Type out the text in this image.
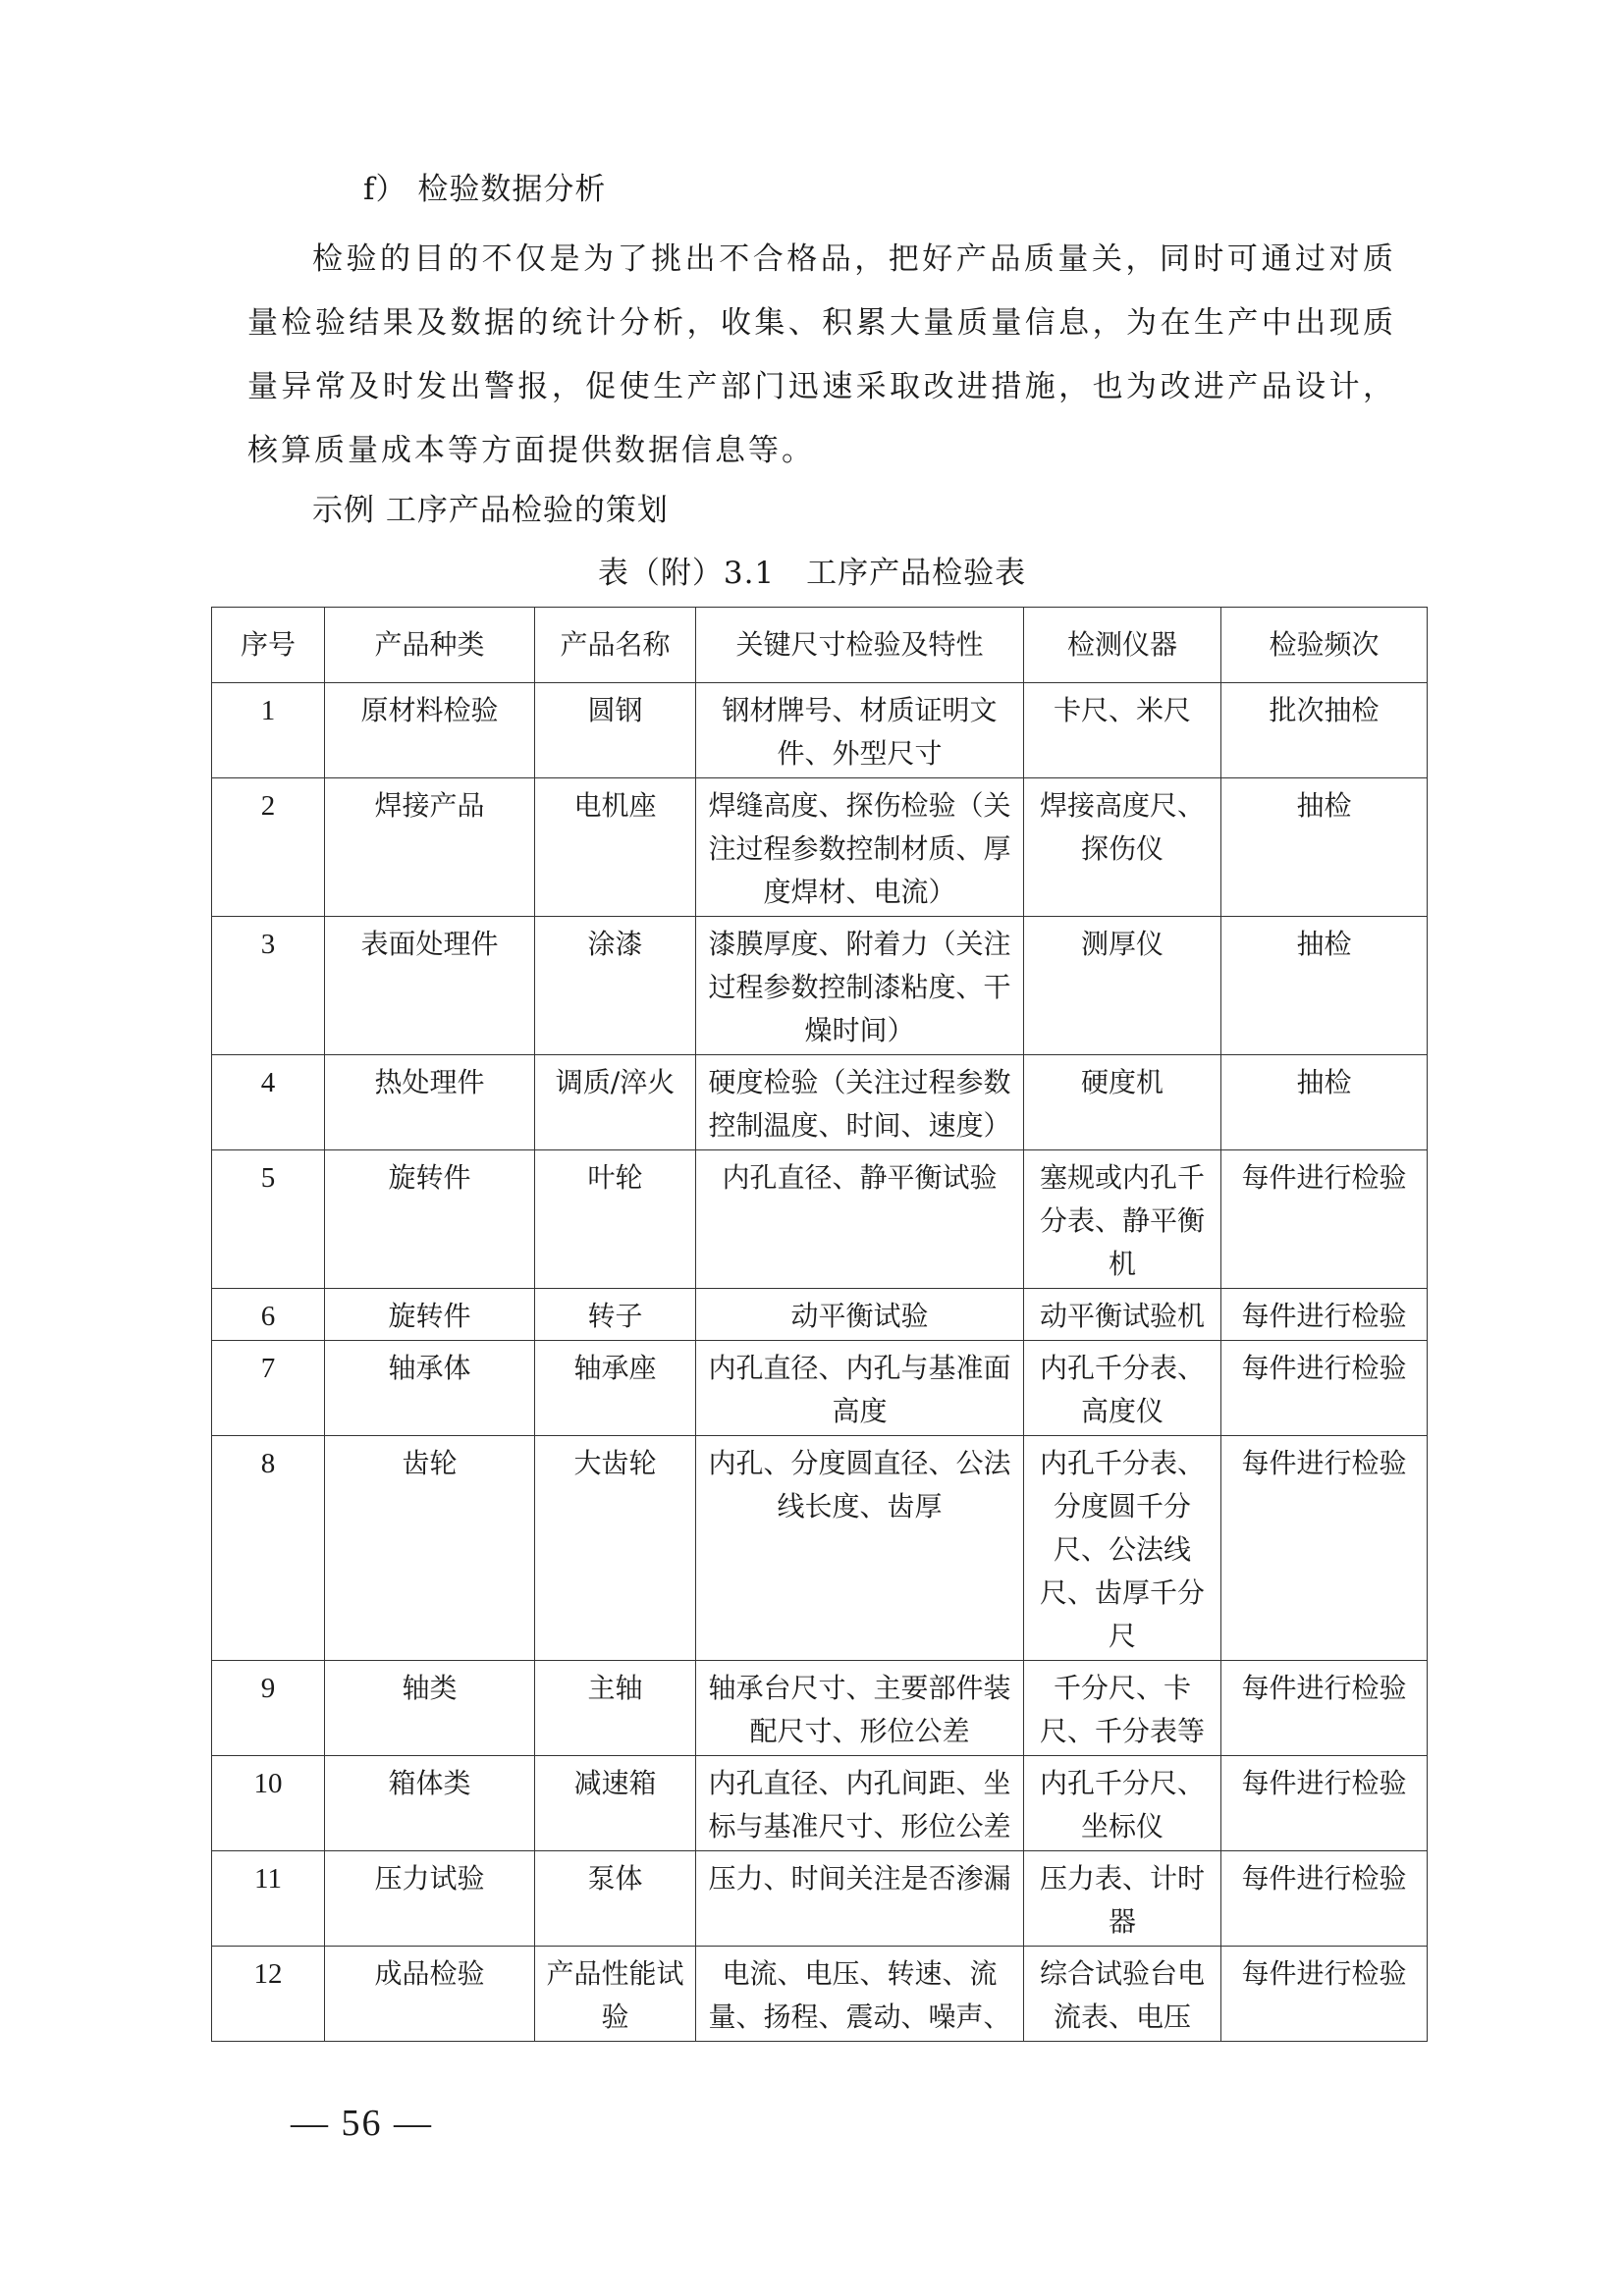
f） 检验数据分析
检验的目的不仅是为了挑出不合格品，把好产品质量关，同时可通过对质量检验结果及数据的统计分析，收集、积累大量质量信息，为在生产中出现质量异常及时发出警报，促使生产部门迅速采取改进措施，也为改进产品设计，核算质量成本等方面提供数据信息等。
示例 工序产品检验的策划
表（附）3.1　工序产品检验表
序号	产品种类	产品名称	关键尺寸检验及特性	检测仪器	检验频次
1	原材料检验	圆钢	钢材牌号、材质证明文件、外型尺寸	卡尺、米尺	批次抽检
2	焊接产品	电机座	焊缝高度、探伤检验（关注过程参数控制材质、厚度焊材、电流）	焊接高度尺、探伤仪	抽检
3	表面处理件	涂漆	漆膜厚度、附着力（关注过程参数控制漆粘度、干燥时间）	测厚仪	抽检
4	热处理件	调质/淬火	硬度检验（关注过程参数控制温度、时间、速度）	硬度机	抽检
5	旋转件	叶轮	内孔直径、静平衡试验	塞规或内孔千分表、静平衡机	每件进行检验
6	旋转件	转子	动平衡试验	动平衡试验机	每件进行检验
7	轴承体	轴承座	内孔直径、内孔与基准面高度	内孔千分表、高度仪	每件进行检验
8	齿轮	大齿轮	内孔、分度圆直径、公法线长度、齿厚	内孔千分表、分度圆千分尺、公法线尺、齿厚千分尺	每件进行检验
9	轴类	主轴	轴承台尺寸、主要部件装配尺寸、形位公差	千分尺、卡尺、千分表等	每件进行检验
10	箱体类	减速箱	内孔直径、内孔间距、坐标与基准尺寸、形位公差	内孔千分尺、坐标仪	每件进行检验
11	压力试验	泵体	压力、时间关注是否渗漏	压力表、计时器	每件进行检验
12	成品检验	产品性能试验	电流、电压、转速、流量、扬程、震动、噪声、	综合试验台电流表、电压	每件进行检验
— 56 —
